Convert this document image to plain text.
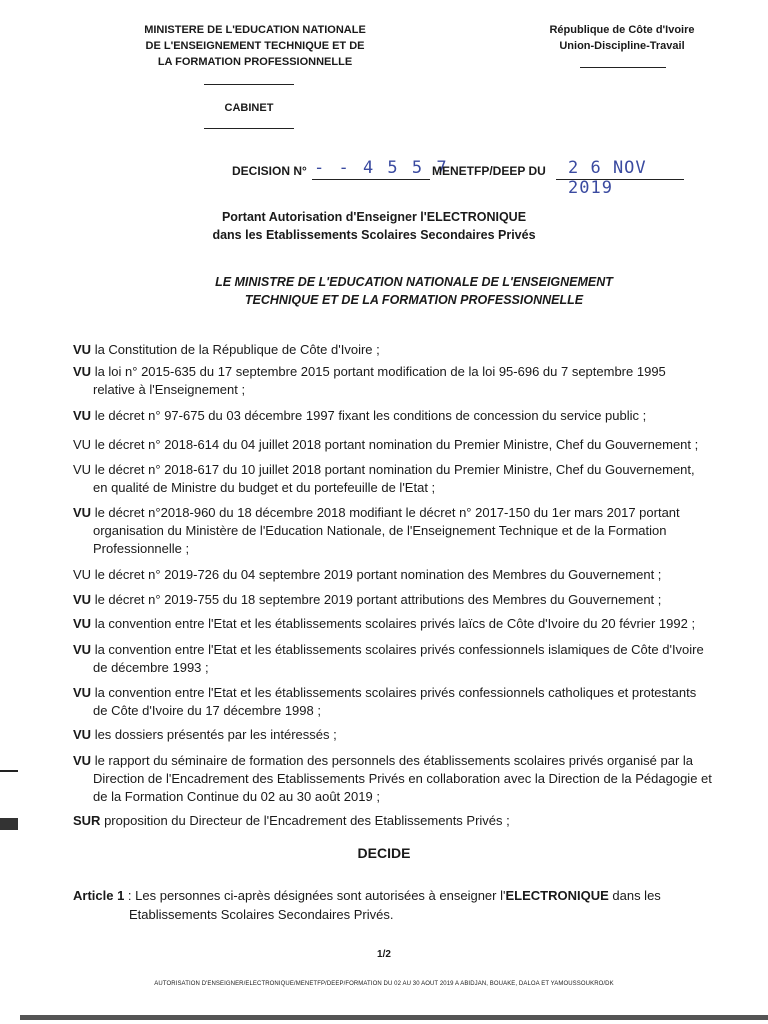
MINISTERE DE L'EDUCATION NATIONALE
DE L'ENSEIGNEMENT TECHNIQUE ET DE
LA FORMATION PROFESSIONNELLE
CABINET
République de Côte d'Ivoire
Union-Discipline-Travail
DECISION N° - - 4 5 5 7
MENETFP/DEEP DU 2 6 NOV 2019
Portant Autorisation d'Enseigner l'ELECTRONIQUE
dans les Etablissements Scolaires Secondaires Privés
LE MINISTRE DE L'EDUCATION NATIONALE DE L'ENSEIGNEMENT
TECHNIQUE ET DE LA FORMATION PROFESSIONNELLE
VU la Constitution de la République de Côte d'Ivoire ;
VU la loi n° 2015-635 du 17 septembre 2015 portant modification de la loi 95-696 du 7 septembre 1995
relative à l'Enseignement ;
VU le décret n° 97-675 du 03 décembre 1997 fixant les conditions de concession du service public ;
VU le décret n° 2018-614 du 04 juillet 2018 portant nomination du Premier Ministre, Chef du Gouvernement ;
VU le décret n° 2018-617 du 10 juillet 2018 portant nomination du Premier Ministre, Chef du Gouvernement,
en qualité de Ministre du budget et du portefeuille de l'Etat ;
VU le décret n°2018-960 du 18 décembre 2018 modifiant le décret n° 2017-150 du 1er mars 2017 portant
organisation du Ministère de l'Education Nationale, de l'Enseignement Technique et de la Formation
Professionnelle ;
VU le décret n° 2019-726 du 04 septembre 2019 portant nomination des Membres du Gouvernement ;
VU le décret n° 2019-755 du 18 septembre 2019 portant attributions des Membres du Gouvernement ;
VU la convention entre l'Etat et les établissements scolaires privés laïcs de Côte d'Ivoire du 20 février 1992 ;
VU la convention entre l'Etat et les établissements scolaires privés confessionnels islamiques de Côte d'Ivoire
de décembre 1993 ;
VU la convention entre l'Etat et les établissements scolaires privés confessionnels catholiques et protestants
de Côte d'Ivoire du 17 décembre 1998 ;
VU les dossiers présentés par les intéressés ;
VU le rapport du séminaire de formation des personnels des établissements scolaires privés organisé par la
Direction de l'Encadrement des Etablissements Privés en collaboration avec la Direction de la Pédagogie et
de la Formation Continue du 02 au 30 août 2019 ;
SUR proposition du Directeur de l'Encadrement des Etablissements Privés ;
DECIDE
Article 1 : Les personnes ci-après désignées sont autorisées à enseigner l'ELECTRONIQUE dans les
Etablissements Scolaires Secondaires Privés.
1/2
AUTORISATION D'ENSEIGNER/ELECTRONIQUE/MENETFP/DEEP/FORMATION DU 02 AU 30 AOUT 2019 A ABIDJAN, BOUAKE, DALOA ET YAMOUSSOUKRO/DK
